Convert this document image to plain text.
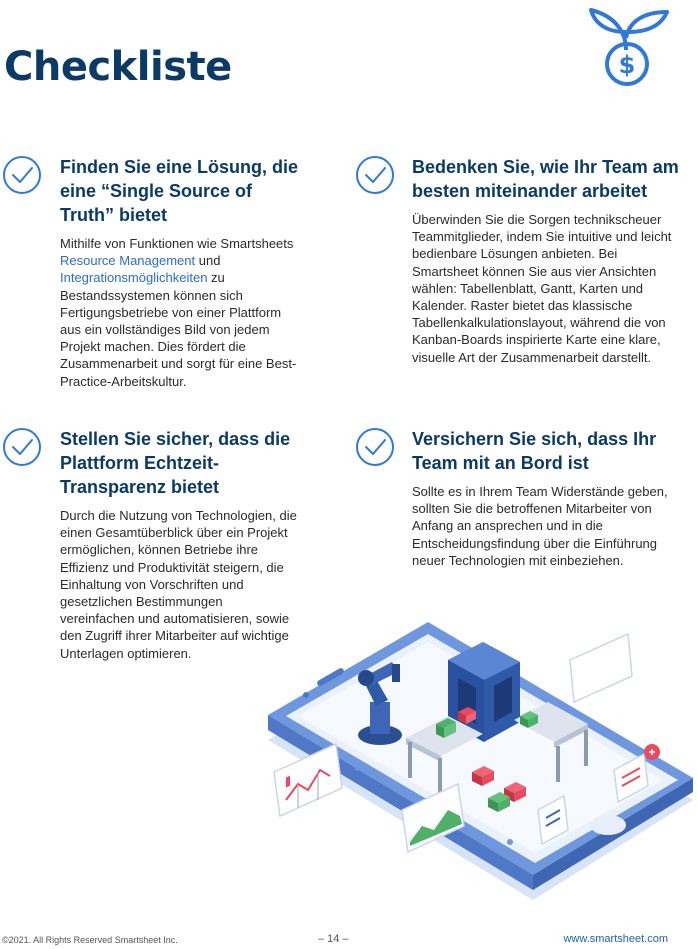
Checkliste	$
Finden Sie eine Lösung, die eine “Single Source of Truth” bietet
Mithilfe von Funktionen wie Smartsheets Resource Management und Integrationsmöglichkeiten zu Bestandssystemen können sich Fertigungsbetriebe von einer Plattform aus ein vollständiges Bild von jedem Projekt machen. Dies fördert die Zusammenarbeit und sorgt für eine Best-Practice-Arbeitskultur.
Bedenken Sie, wie Ihr Team am besten miteinander arbeitet
Überwinden Sie die Sorgen technikscheuer Teammitglieder, indem Sie intuitive und leicht bedienbare Lösungen anbieten. Bei Smartsheet können Sie aus vier Ansichten wählen: Tabellenblatt, Gantt, Karten und Kalender. Raster bietet das klassische Tabellenkalkulationslayout, während die von Kanban-Boards inspirierte Karte eine klare, visuelle Art der Zusammenarbeit darstellt.
Stellen Sie sicher, dass die Plattform Echtzeit-Transparenz bietet
Durch die Nutzung von Technologien, die einen Gesamtüberblick über ein Projekt ermöglichen, können Betriebe ihre Effizienz und Produktivität steigern, die Einhaltung von Vorschriften und gesetzlichen Bestimmungen vereinfachen und automatisieren, sowie den Zugriff ihrer Mitarbeiter auf wichtige Unterlagen optimieren.
Versichern Sie sich, dass Ihr Team mit an Bord ist
Sollte es in Ihrem Team Widerstände geben, sollten Sie die betroffenen Mitarbeiter von Anfang an ansprechen und in die Entscheidungsfindung über die Einführung neuer Technologien mit einbeziehen.
©2021. All Rights Reserved Smartsheet Inc.	– 14 –	www.smartsheet.com
